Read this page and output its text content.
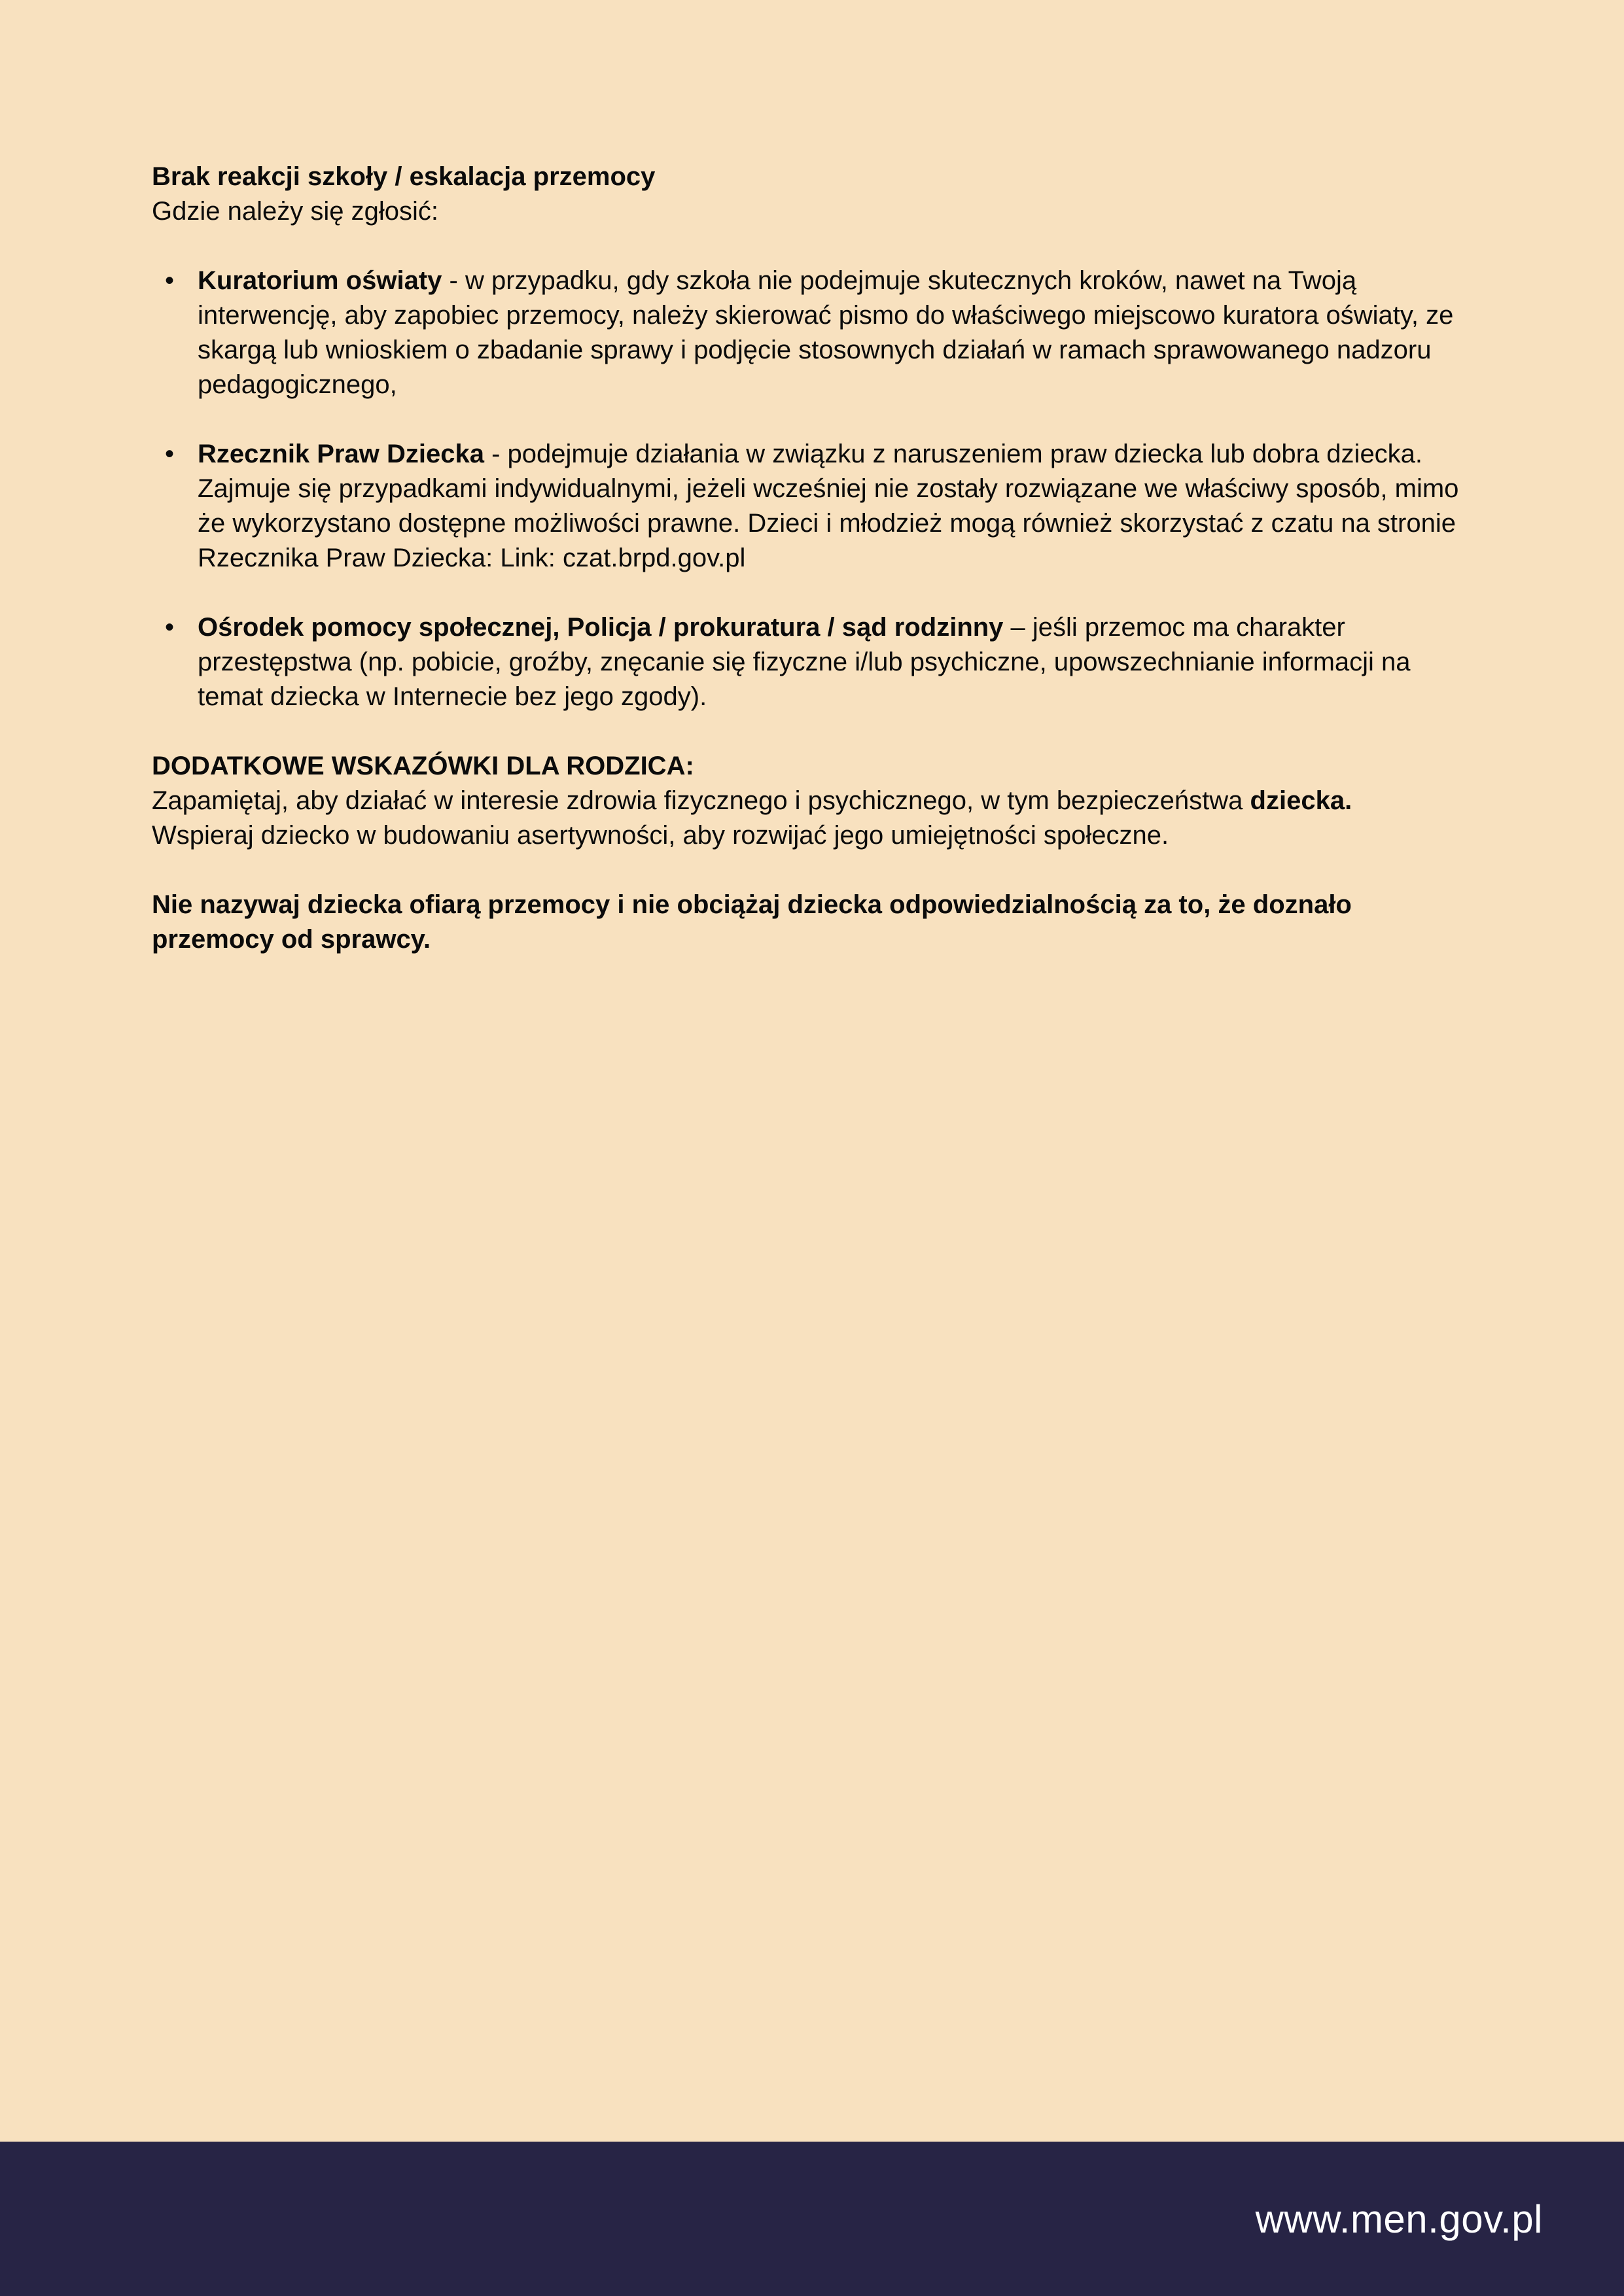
Brak reakcji szkoły / eskalacja przemocy

Gdzie należy się zgłosić:

• Kuratorium oświaty - w przypadku, gdy szkoła nie podejmuje skutecznych kroków, nawet na Twoją interwencję, aby zapobiec przemocy, należy skierować pismo do właściwego miejscowo kuratora oświaty, ze skargą lub wnioskiem o zbadanie sprawy i podjęcie stosownych działań w ramach sprawowanego nadzoru pedagogicznego,
• Rzecznik Praw Dziecka - podejmuje działania w związku z naruszeniem praw dziecka lub dobra dziecka. Zajmuje się przypadkami indywidualnymi, jeżeli wcześniej nie zostały rozwiązane we właściwy sposób, mimo że wykorzystano dostępne możliwości prawne. Dzieci i młodzież mogą również skorzystać z czatu na stronie Rzecznika Praw Dziecka: Link: czat.brpd.gov.pl
• Ośrodek pomocy społecznej, Policja / prokuratura / sąd rodzinny – jeśli przemoc ma charakter przestępstwa (np. pobicie, groźby, znęcanie się fizyczne i/lub psychiczne, upowszechnianie informacji na temat dziecka w Internecie bez jego zgody).

DODATKOWE WSKAZÓWKI DLA RODZICA:

Zapamiętaj, aby działać w interesie zdrowia fizycznego i psychicznego, w tym bezpieczeństwa dziecka.

Wspieraj dziecko w budowaniu asertywności, aby rozwijać jego umiejętności społeczne.

Nie nazywaj dziecka ofiarą przemocy i nie obciążaj dziecka odpowiedzialnością za to, że doznało przemocy od sprawcy.

www.men.gov.pl
